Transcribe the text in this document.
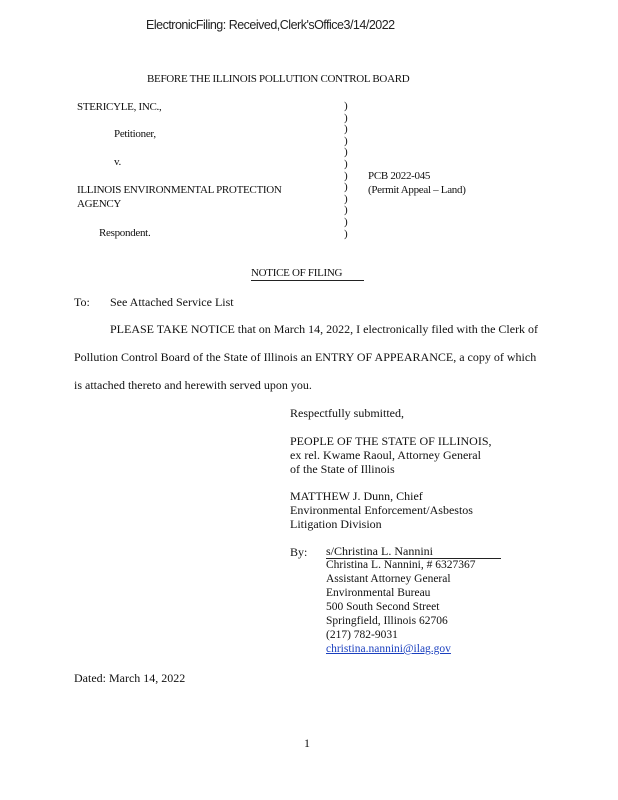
ElectronicFiling: Received,Clerk'sOffice3/14/2022
BEFORE THE ILLINOIS POLLUTION CONTROL BOARD
STERICYLE, INC.,
Petitioner,
v.
ILLINOIS ENVIRONMENTAL PROTECTION
AGENCY
Respondent.
)
)
)
)
)
)
)
)
)
)
)
)
PCB 2022-045
(Permit Appeal – Land)
NOTICE OF FILING
To: See Attached Service List
PLEASE TAKE NOTICE that on March 14, 2022, I electronically filed with the Clerk of
Pollution Control Board of the State of Illinois an ENTRY OF APPEARANCE, a copy of which
is attached thereto and herewith served upon you.
Respectfully submitted,
PEOPLE OF THE STATE OF ILLINOIS,
ex rel. Kwame Raoul, Attorney General
of the State of Illinois
MATTHEW J. Dunn, Chief
Environmental Enforcement/Asbestos
Litigation Division
By: s/Christina L. Nannini
Christina L. Nannini, # 6327367
Assistant Attorney General
Environmental Bureau
500 South Second Street
Springfield, Illinois 62706
(217) 782-9031
christina.nannini@ilag.gov
Dated: March 14, 2022
1
